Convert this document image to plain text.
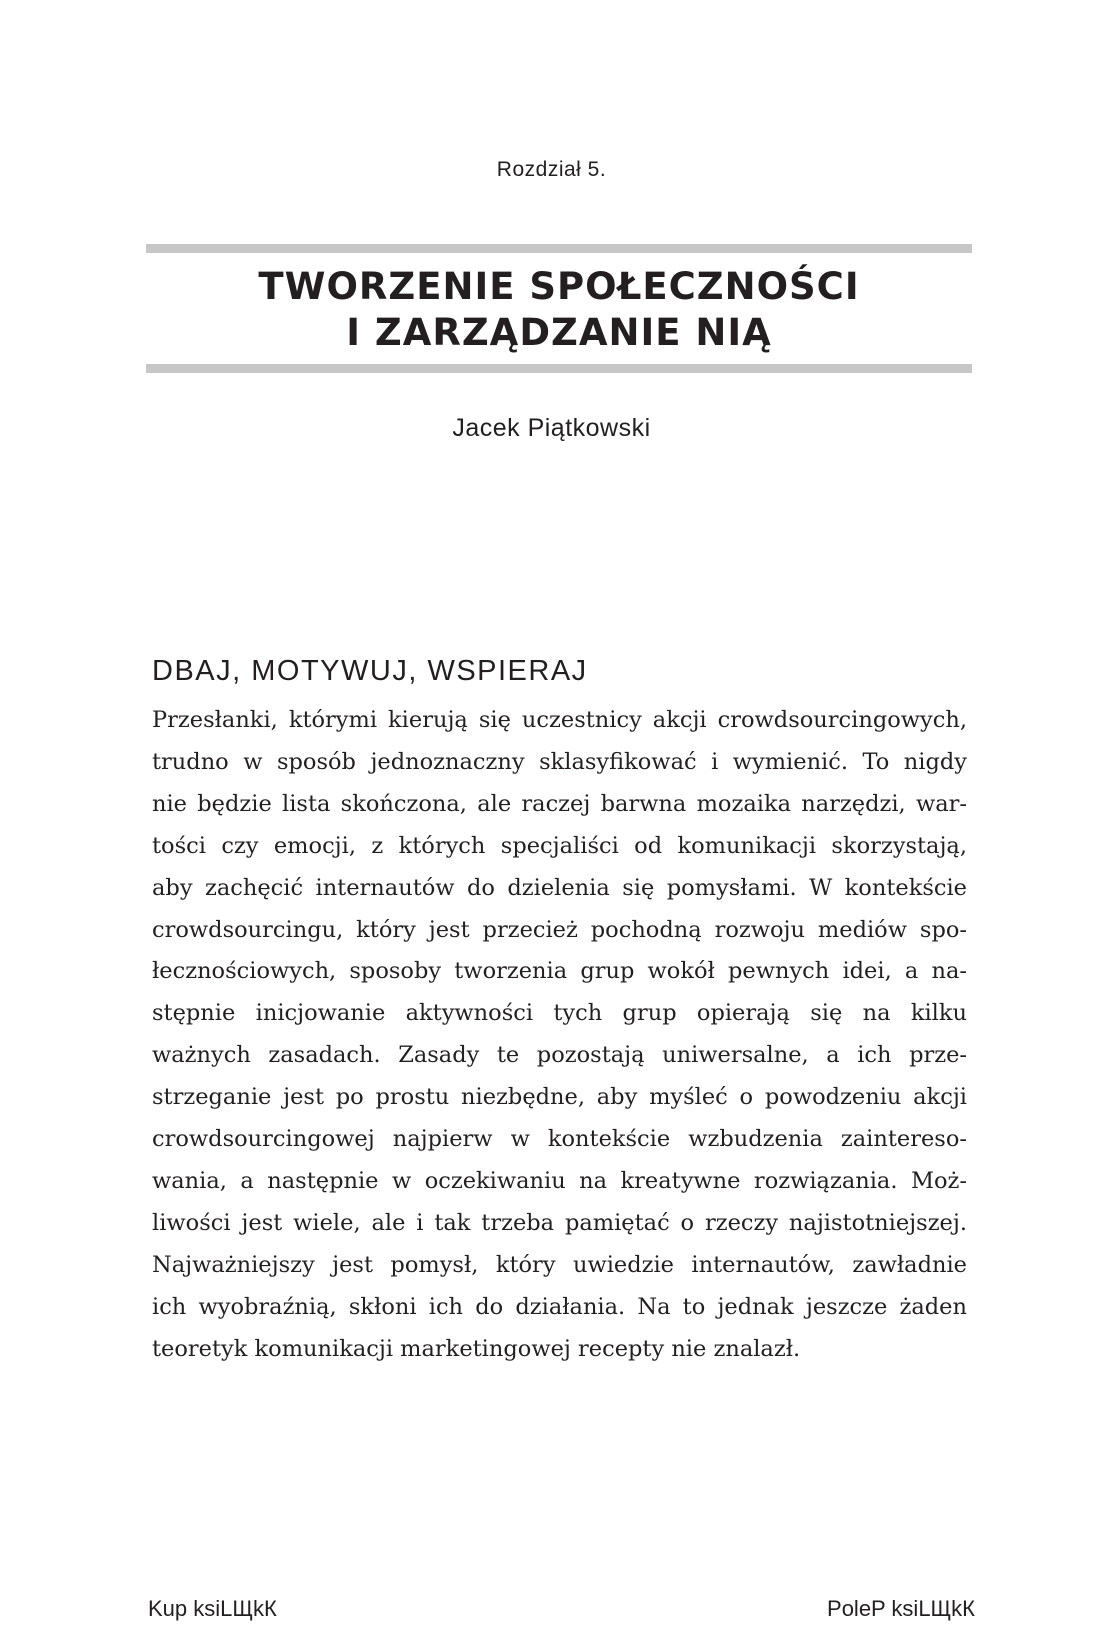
Rozdział 5.
TWORZENIE SPOŁECZNOŚCI
I ZARZĄDZANIE NIĄ
Jacek Piątkowski
DBAJ, MOTYWUJ, WSPIERAJ

Przesłanki, którymi kierują się uczestnicy akcji crowdsourcingowych,
trudno w sposób jednoznaczny sklasyfikować i wymienić. To nigdy
nie będzie lista skończona, ale raczej barwna mozaika narzędzi, war-
tości czy emocji, z których specjaliści od komunikacji skorzystają,
aby zachęcić internautów do dzielenia się pomysłami. W kontekście
crowdsourcingu, który jest przecież pochodną rozwoju mediów spo-
łecznościowych, sposoby tworzenia grup wokół pewnych idei, a na-
stępnie inicjowanie aktywności tych grup opierają się na kilku
ważnych zasadach. Zasady te pozostają uniwersalne, a ich prze-
strzeganie jest po prostu niezbędne, aby myśleć o powodzeniu akcji
crowdsourcingowej najpierw w kontekście wzbudzenia zaintereso-
wania, a następnie w oczekiwaniu na kreatywne rozwiązania. Moż-
liwości jest wiele, ale i tak trzeba pamiętać o rzeczy najistotniejszej.
Najważniejszy jest pomysł, który uwiedzie internautów, zawładnie
ich wyobraźnią, skłoni ich do działania. Na to jednak jeszcze żaden
teoretyk komunikacji marketingowej recepty nie znalazł.

Kup ksiLЩkК	PoleP ksiLЩkК
